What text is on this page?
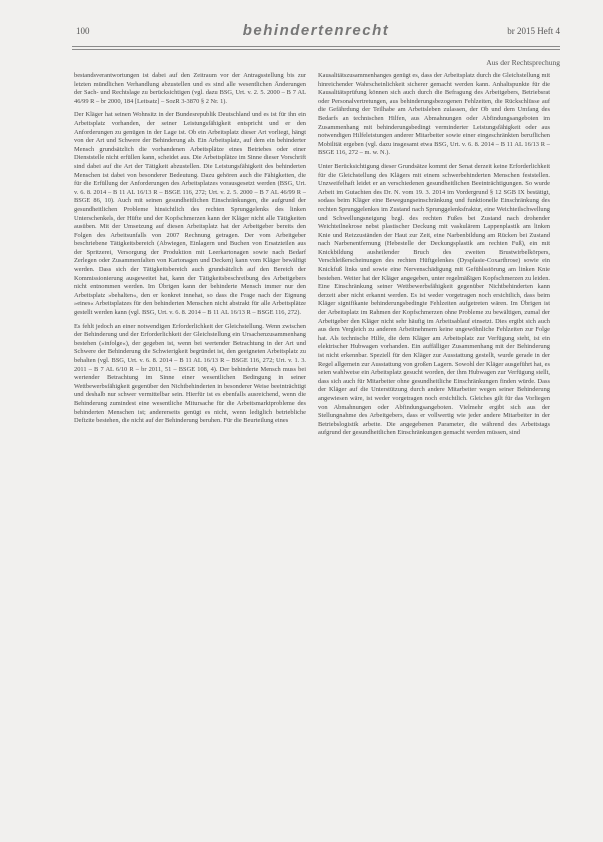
100	behindertenrecht	br 2015 Heft 4
Aus der Rechtsprechung

bestandsverantwortungen ist dabei auf den Zeitraum vor der Antragsstellung bis zur letzten mündlichen Verhandlung abzustellen und es sind alle wesentlichen Änderungen der Sach- und Rechtslage zu berücksichtigen (vgl. dazu BSG, Urt. v. 2. 5. 2000 – B 7 AL 46/99 R – br 2000, 184 [Leitsatz] – SozR 3-3870 § 2 Nr. 1).

Der Kläger hat seinen Wohnsitz in der Bundesrepublik Deutschland und es ist für ihn ein Arbeitsplatz vorhanden, der seiner Leistungsfähigkeit entspricht und er den Anforderungen zu genügen in der Lage ist. Ob ein Arbeitsplatz dieser Art vorliegt, hängt von der Art und Schwere der Behinderung ab. Ein Arbeitsplatz, auf dem ein behinderter Mensch grundsätzlich die vorhandenen Arbeitsplätze eines Betriebes oder einer Dienststelle nicht erfüllen kann, scheidet aus. Die Arbeitsplätze im Sinne dieser Vorschrift sind dabei auf die Art der Tätigkeit abzustellen. Die Leistungsfähigkeit des behinderten Menschen ist dabei von besonderer Bedeutung. Dazu gehören auch die Fähigkeiten, die für die Erfüllung der Anforderungen des Arbeitsplatzes vorausgesetzt werden (BSG, Urt. v. 6. 8. 2014 – B 11 AL 16/13 R – BSGE 116, 272; Urt. v. 2. 5. 2000 – B 7 AL 46/99 R – BSGE 86, 10). Auch mit seinen gesundheitlichen Einschränkungen, die aufgrund der gesundheitlichen Probleme hinsichtlich des rechten Sprunggelenks des linken Unterschenkels, der Hüfte und der Kopfschmerzen kann der Kläger nicht alle Tätigkeiten ausüben. Mit der Umsetzung auf diesen Arbeitsplatz hat der Arbeitgeber bereits den Folgen des Arbeitsunfalls von 2007 Rechnung getragen. Der vom Arbeitgeber beschriebene Tätigkeitsbereich (Abwiegen, Einlagern und Buchen von Ersatzteilen aus der Spritzerei, Versorgung der Produktion mit Leerkartonagen sowie nach Bedarf Zerlegen oder Zusammenfalten von Kartonagen und Decken) kann vom Kläger bewältigt werden. Dass sich der Tätigkeitsbereich auch grundsätzlich auf den Bereich der Kommissionierung ausgeweitet hat, kann der Tätigkeitsbeschreibung des Arbeitgebers nicht entnommen werden. Im Übrigen kann der behinderte Mensch immer nur den Arbeitsplatz »behalten«, den er konkret innehat, so dass die Frage nach der Eignung »eines« Arbeitsplatzes für den behinderten Menschen nicht abstrakt für alle Arbeitsplätze gestellt werden kann (vgl. BSG, Urt. v. 6. 8. 2014 – B 11 AL 16/13 R – BSGE 116, 272).

Es fehlt jedoch an einer notwendigen Erforderlichkeit der Gleichstellung. Wenn zwischen der Behinderung und der Erforderlichkeit der Gleichstellung ein Ursachenzusammenhang bestehen (»infolge«), der gegeben ist, wenn bei wertender Betrachtung in der Art und Schwere der Behinderung die Schwierigkeit begründet ist, den geeigneten Arbeitsplatz zu behalten (vgl. BSG, Urt. v. 6. 8. 2014 – B 11 AL 16/13 R – BSGE 116, 272; Urt. v. 1. 3. 2011 – B 7 AL 6/10 R – br 2011, 51 – BSGE 108, 4). Der behinderte Mensch muss bei wertender Betrachtung im Sinne einer wesentlichen Bedingung in seiner Wettbewerbsfähigkeit gegenüber den Nichtbehinderten in besonderer Weise beeinträchtigt und deshalb nur schwer vermittelbar sein. Hierfür ist es ebenfalls ausreichend, wenn die Behinderung zumindest eine wesentliche Mitursache für die Arbeitsmarktprobleme des behinderten Menschen ist; andererseits genügt es nicht, wenn lediglich betriebliche Defizite bestehen, die nicht auf der Behinderung beruhen. Für die Beurteilung eines

Kausalitätszusammenhanges genügt es, dass der Arbeitsplatz durch die Gleichstellung mit hinreichender Wahrscheinlichkeit sicherer gemacht werden kann. Anhaltspunkte für die Kausalitätsprüfung können sich auch durch die Befragung des Arbeitgebers, Betriebsrat oder Personalvertretungen, aus behinderungsbezogenen Fehlzeiten, die Rückschlüsse auf die Gefährdung der Teilhabe am Arbeitsleben zulassen, der Ob und dem Umfang des Bedarfs an technischen Hilfen, aus Abmahnungen oder Abfindungsangeboten im Zusammenhang mit behinderungsbedingt verminderter Leistungsfähigkeit oder aus notwendigen Hilfeleistungen anderer Mitarbeiter sowie einer eingeschränkten beruflichen Mobilität ergeben (vgl. dazu insgesamt etwa BSG, Urt. v. 6. 8. 2014 – B 11 AL 16/13 R – BSGE 116, 272 – m. w. N.).

Unter Berücksichtigung dieser Grundsätze kommt der Senat derzeit keine Erforderlichkeit für die Gleichstellung des Klägers mit einem schwerbehinderten Menschen feststellen. Unzweifelhaft leidet er an verschiedenen gesundheitlichen Beeinträchtigungen. So wurde Arbeit im Gutachten des Dr. N. vom 19. 3. 2014 im Vordergrund § 12 SGB IX bestätigt, sodass beim Kläger eine Bewegungseinschränkung und funktionelle Einschränkung des rechten Sprunggelenkes im Zustand nach Sprunggelenksfraktur, eine Weichteilschwellung und Schwellungsneigung bzgl. des rechten Fußes bei Zustand nach drohender Weichteilnekrose nebst plastischer Deckung mit vaskulärem Lappenplastik am linken Knie und Reizzuständen der Haut zur Zeit, eine Narbenbildung am Rücken bei Zustand nach Narbenentfernung (Hebestelle der Deckungsplastik am rechten Fuß), ein mit Knickbildung ausheilender Bruch des zweiten Brustwirbelkörpers, Verschleißerscheinungen des rechten Hüftgelenkes (Dysplasie-Coxarthrose) sowie ein Knickfuß links und sowie eine Nervenschädigung mit Gefühlsstörung am linken Knie bestehen. Weiter hat der Kläger angegeben, unter regelmäßigen Kopfschmerzen zu leiden. Eine Einschränkung seiner Wettbewerbsfähigkeit gegenüber Nichtbehinderten kann derzeit aber nicht erkannt werden. Es ist weder vorgetragen noch ersichtlich, dass beim Kläger signifikante behinderungsbedingte Fehlzeiten aufgetreten wären. Im Übrigen ist der Arbeitsplatz im Rahmen der Kopfschmerzen ohne Probleme zu bewältigen, zumal der Arbeitgeber den Kläger nicht sehr häufig im Arbeitsablauf einsetzt. Dies ergibt sich auch aus dem Vergleich zu anderen Arbeitnehmern keine ungewöhnliche Fehlzeiten zur Folge hat. Als technische Hilfe, die dem Kläger am Arbeitsplatz zur Verfügung steht, ist ein elektrischer Hubwagen vorhanden. Ein auffälliger Zusammenhang mit der Behinderung ist nicht erkennbar. Speziell für den Kläger zur Ausstattung gestellt, wurde gerade in der Regel allgemein zur Ausstattung von großen Lagern. Sowohl der Kläger ausgeführt hat, es seien wahlweise ein Arbeitsplatz gesucht worden, der ihm Hubwagen zur Verfügung stellt, dass sich auch für Mitarbeiter ohne gesundheitliche Einschränkungen finden würde. Dass der Kläger auf die Unterstützung durch andere Mitarbeiter wegen seiner Behinderung angewiesen wäre, ist weder vorgetragen noch ersichtlich. Gleiches gilt für das Vorliegen von Abmahnungen oder Abfindungsangeboten. Vielmehr ergibt sich aus der Stellungnahme des Arbeitgebers, dass er vollwertig wie jeder andere Mitarbeiter in der Betriebslogistik arbeite. Die angegebenen Parameter, die während des Arbeitstags aufgrund der gesundheitlichen Einschränkungen gemacht werden müssen, sind
